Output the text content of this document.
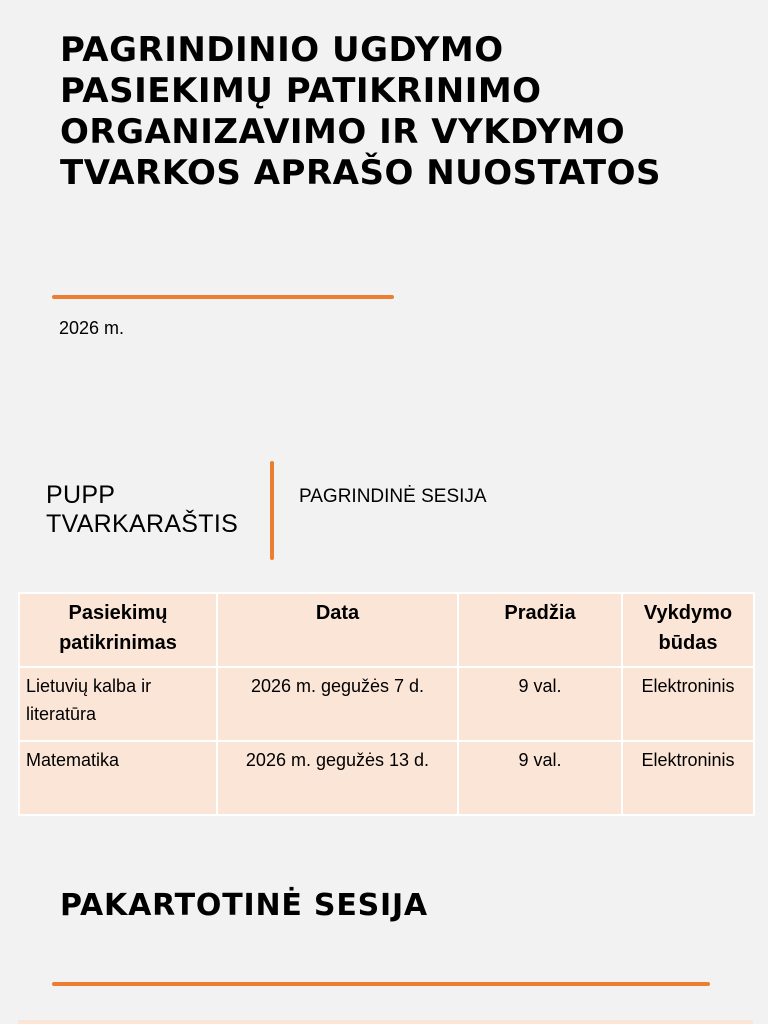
PAGRINDINIO UGDYMO PASIEKIMŲ PATIKRINIMO ORGANIZAVIMO IR VYKDYMO TVARKOS APRAŠO NUOSTATOS
2026 m.
PUPP
TVARKARAŠTIS
PAGRINDINĖ SESIJA
Pasiekimų patikrinimas	Data	Pradžia	Vykdymo būdas
Lietuvių kalba ir literatūra	2026 m. gegužės 7 d.	9 val.	Elektroninis
Matematika	2026 m. gegužės 13 d.	9 val.	Elektroninis
PAKARTOTINĖ SESIJA
